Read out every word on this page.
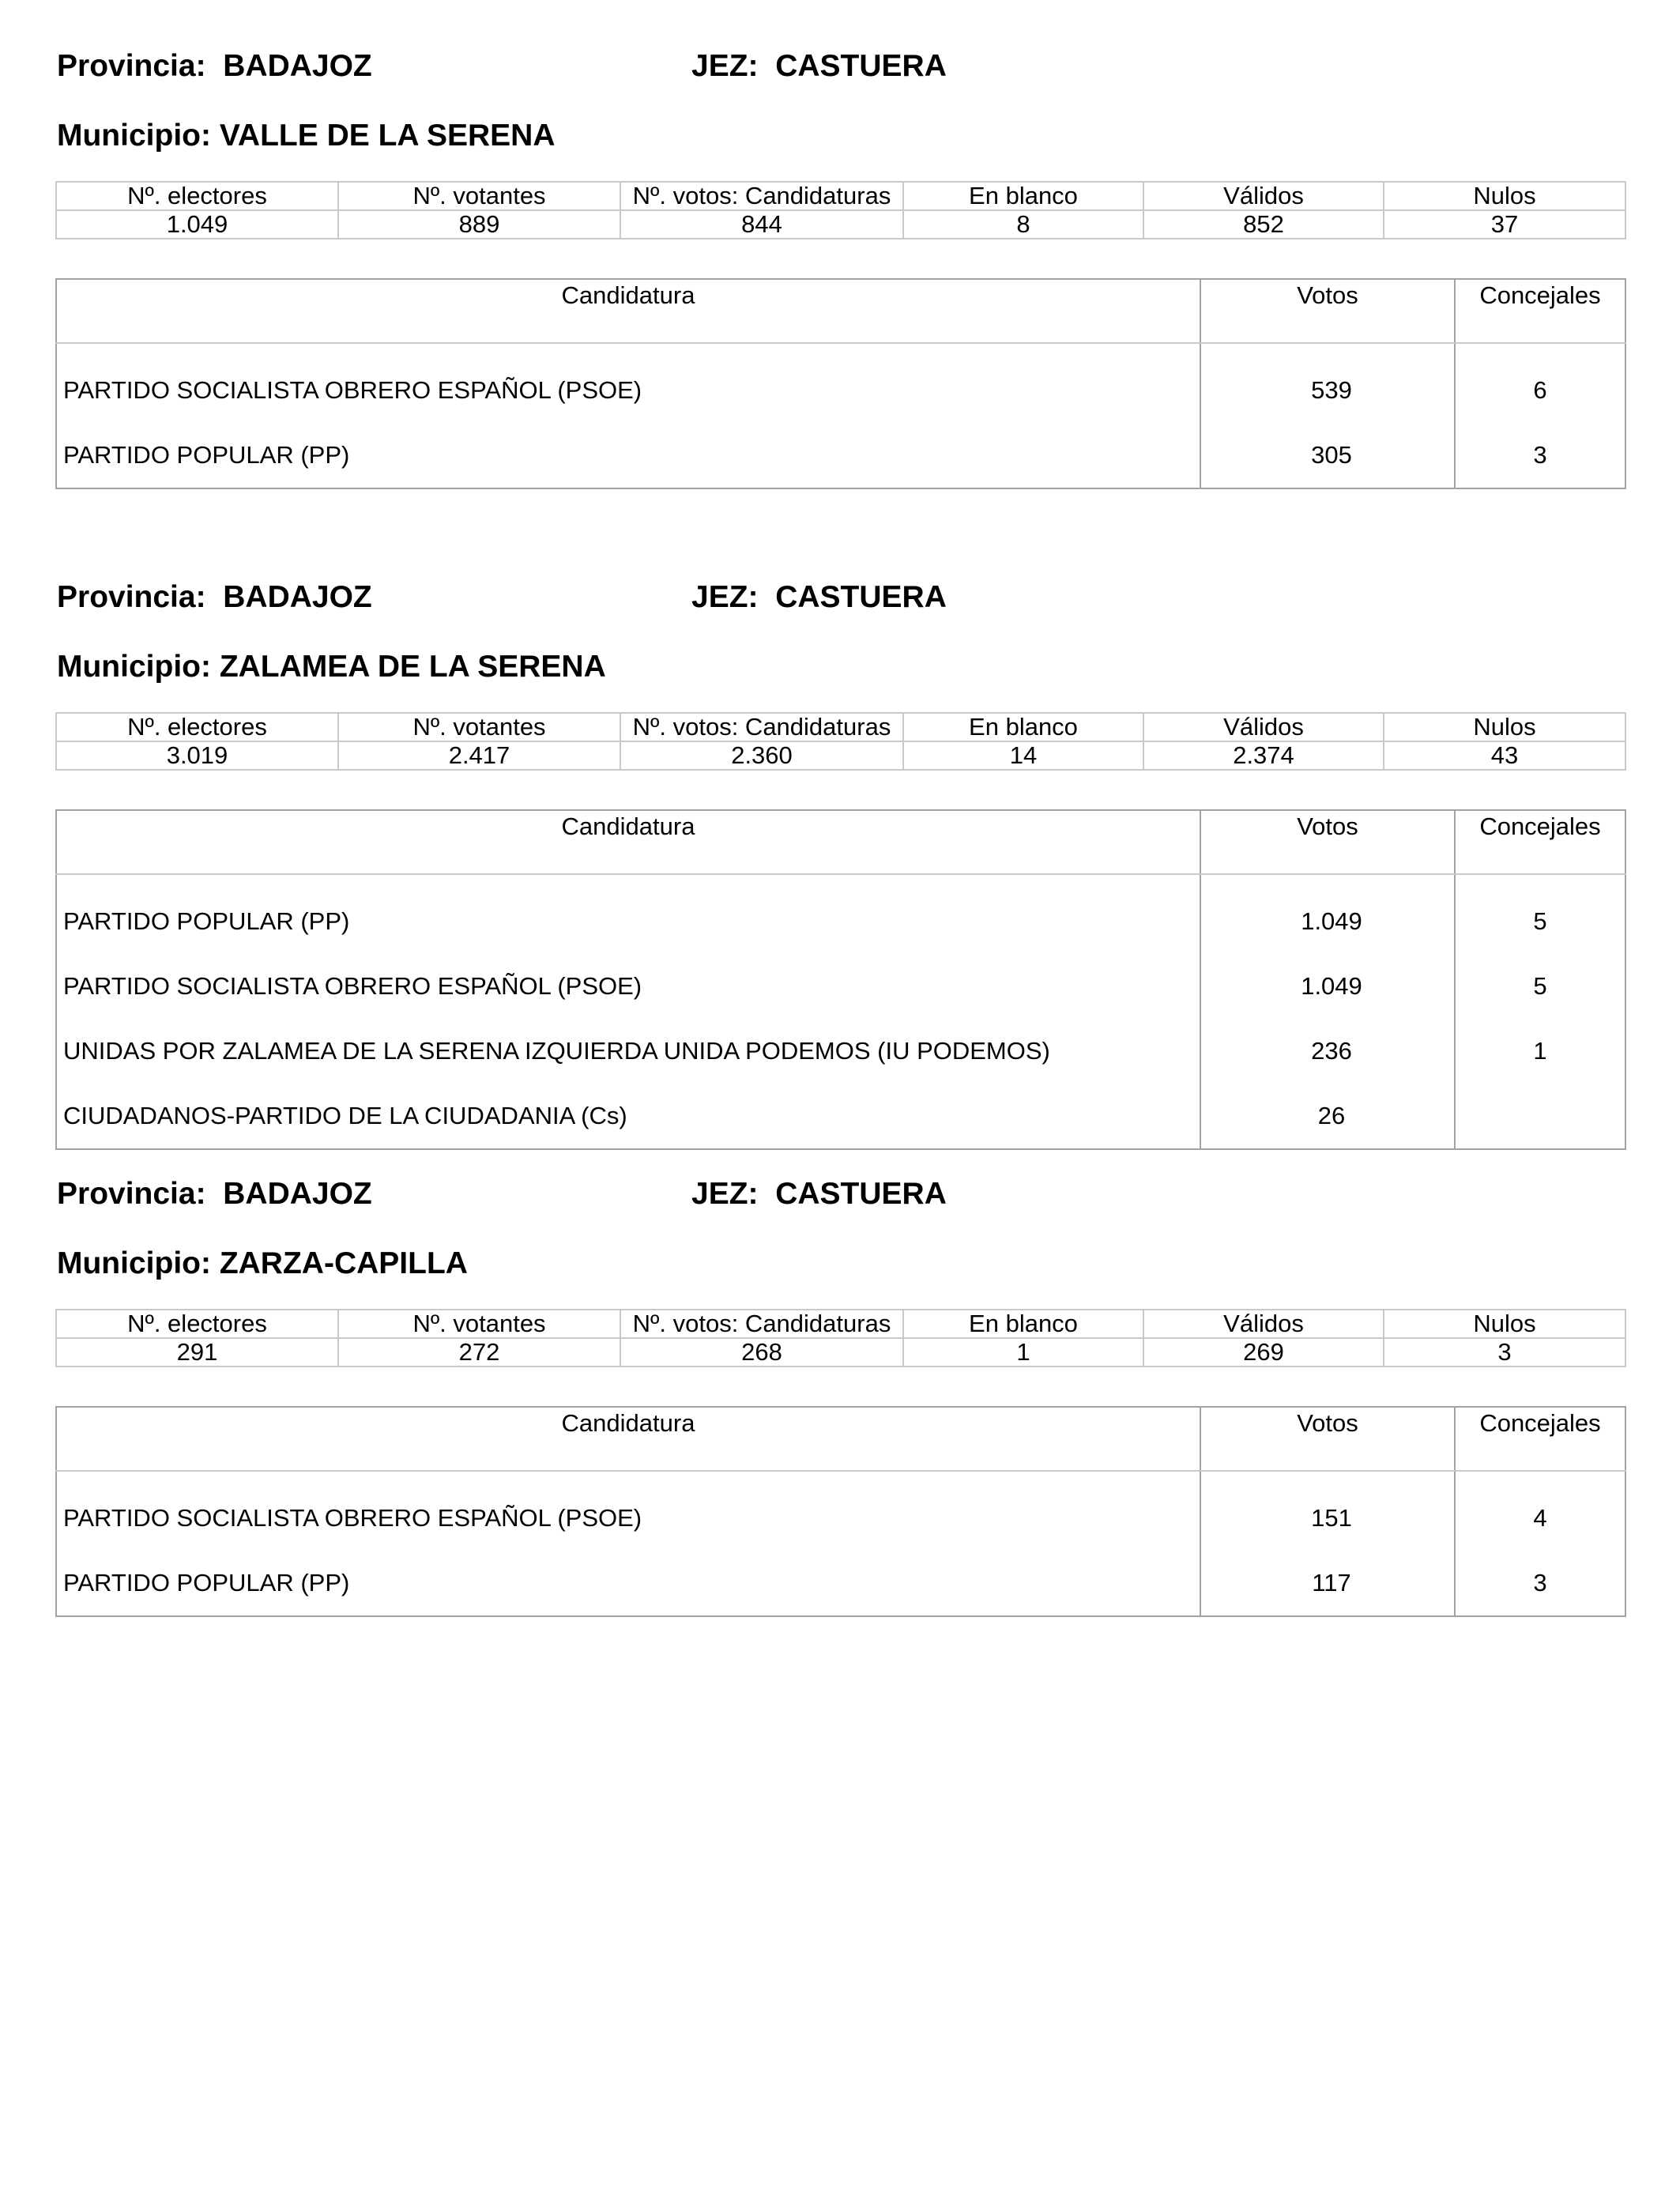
Provincia: BADAJOZ	JEZ: CASTUERA
Municipio: VALLE DE LA SERENA
Nº. electores	Nº. votantes	Nº. votos: Candidaturas	En blanco	Válidos	Nulos
1.049	889	844	8	852	37
Candidatura	Votos	Concejales
PARTIDO SOCIALISTA OBRERO ESPAÑOL (PSOE)	539	6
PARTIDO POPULAR (PP)	305	3
Provincia: BADAJOZ	JEZ: CASTUERA
Municipio: ZALAMEA DE LA SERENA
Nº. electores	Nº. votantes	Nº. votos: Candidaturas	En blanco	Válidos	Nulos
3.019	2.417	2.360	14	2.374	43
Candidatura	Votos	Concejales
PARTIDO POPULAR (PP)	1.049	5
PARTIDO SOCIALISTA OBRERO ESPAÑOL (PSOE)	1.049	5
UNIDAS POR ZALAMEA DE LA SERENA IZQUIERDA UNIDA PODEMOS (IU PODEMOS)	236	1
CIUDADANOS-PARTIDO DE LA CIUDADANIA (Cs)	26	
Provincia: BADAJOZ	JEZ: CASTUERA
Municipio: ZARZA-CAPILLA
Nº. electores	Nº. votantes	Nº. votos: Candidaturas	En blanco	Válidos	Nulos
291	272	268	1	269	3
Candidatura	Votos	Concejales
PARTIDO SOCIALISTA OBRERO ESPAÑOL (PSOE)	151	4
PARTIDO POPULAR (PP)	117	3
